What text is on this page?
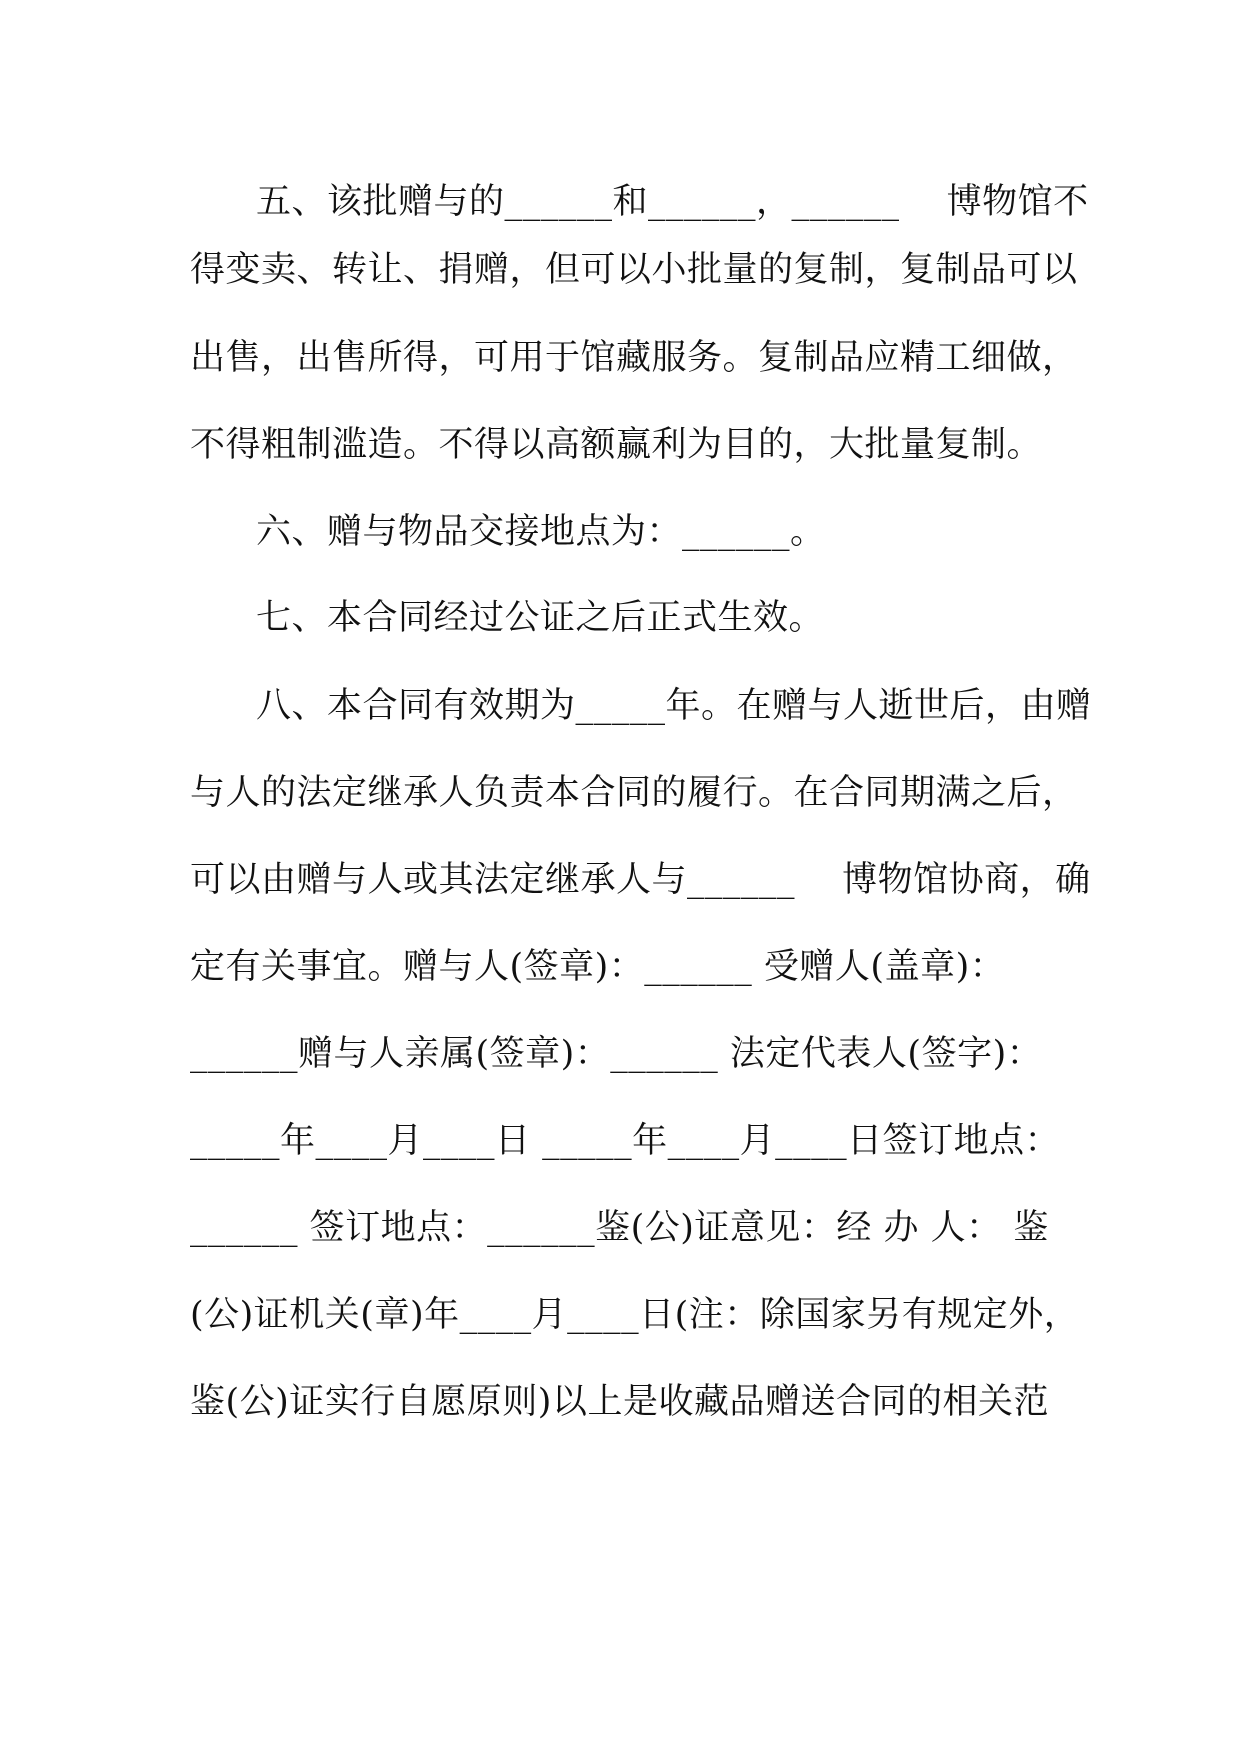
五、该批赠与的______和______，______ 　博物馆不
得变卖、转让、捐赠，但可以小批量的复制，复制品可以
出售，出售所得，可用于馆藏服务。复制品应精工细做，
不得粗制滥造。不得以高额赢利为目的，大批量复制。
六、赠与物品交接地点为：______。
七、本合同经过公证之后正式生效。
八、本合同有效期为_____年。在赠与人逝世后，由赠
与人的法定继承人负责本合同的履行。在合同期满之后，
可以由赠与人或其法定继承人与______ 　博物馆协商，确
定有关事宜。赠与人(签章)：______ 受赠人(盖章)：
______赠与人亲属(签章)：______ 法定代表人(签字)：
_____年____月____日 _____年____月____日签订地点：
______ 签订地点：______鉴(公)证意见：经 办 人： 鉴
(公)证机关(章)年____月____日(注：除国家另有规定外，
鉴(公)证实行自愿原则)以上是收藏品赠送合同的相关范
